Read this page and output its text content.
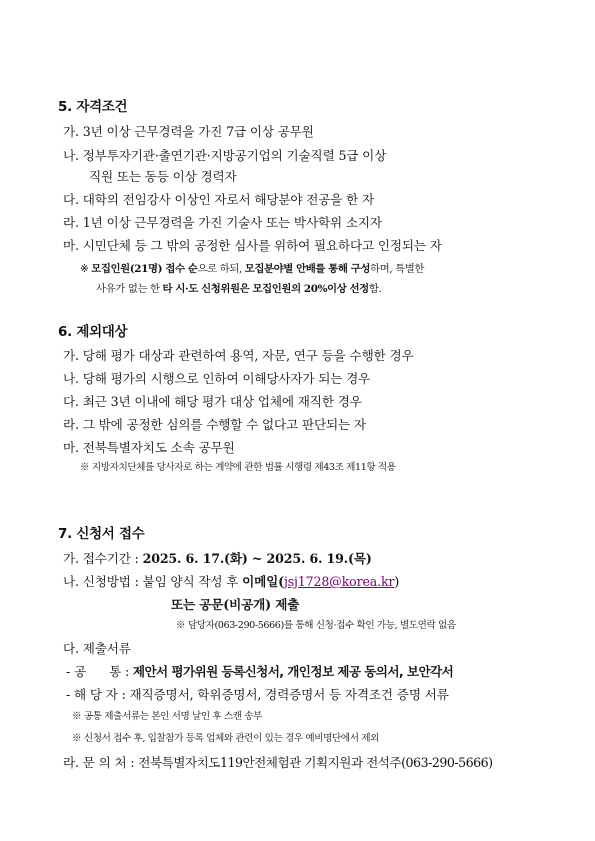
5. 자격조건
가. 3년 이상 근무경력을 가진 7급 이상 공무원
나. 정부투자기관·출연기관·지방공기업의 기술직렬 5급 이상
직원 또는 동등 이상 경력자
다. 대학의 전임강사 이상인 자로서 해당분야 전공을 한 자
라. 1년 이상 근무경력을 가진 기술사 또는 박사학위 소지자
마. 시민단체 등 그 밖의 공정한 심사를 위하여 필요하다고 인정되는 자
※ 모집인원(21명) 접수 순으로 하되, 모집분야별 안배를 통해 구성하며, 특별한
사유가 없는 한 타 시·도 신청위원은 모집인원의 20%이상 선정함.
6. 제외대상
가. 당해 평가 대상과 관련하여 용역, 자문, 연구 등을 수행한 경우
나. 당해 평가의 시행으로 인하여 이해당사자가 되는 경우
다. 최근 3년 이내에 해당 평가 대상 업체에 재직한 경우
라. 그 밖에 공정한 심의를 수행할 수 없다고 판단되는 자
마. 전북특별자치도 소속 공무원
※ 지방자치단체를 당사자로 하는 계약에 관한 법률 시행령 제43조 제11항 적용
7. 신청서 접수
가. 접수기간 : 2025. 6. 17.(화) ~ 2025. 6. 19.(목)
나. 신청방법 : 붙임 양식 작성 후 이메일(jsj1728@korea.kr)
또는 공문(비공개) 제출
※ 담당자(063-290-5666)를 통해 신청·접수 확인 가능, 별도연락 없음
다. 제출서류
- 공      통 : 제안서 평가위원 등록신청서, 개인정보 제공 동의서, 보안각서
- 해 당 자 : 재직증명서, 학위증명서, 경력증명서 등 자격조건 증명 서류
※ 공통 제출서류는 본인 서명 날인 후 스캔 송부
※ 신청서 접수 후, 입찰참가 등록 업체와 관련이 있는 경우 예비명단에서 제외
라. 문 의 처 : 전북특별자치도119안전체험관 기획지원과 전석주(063-290-5666)
